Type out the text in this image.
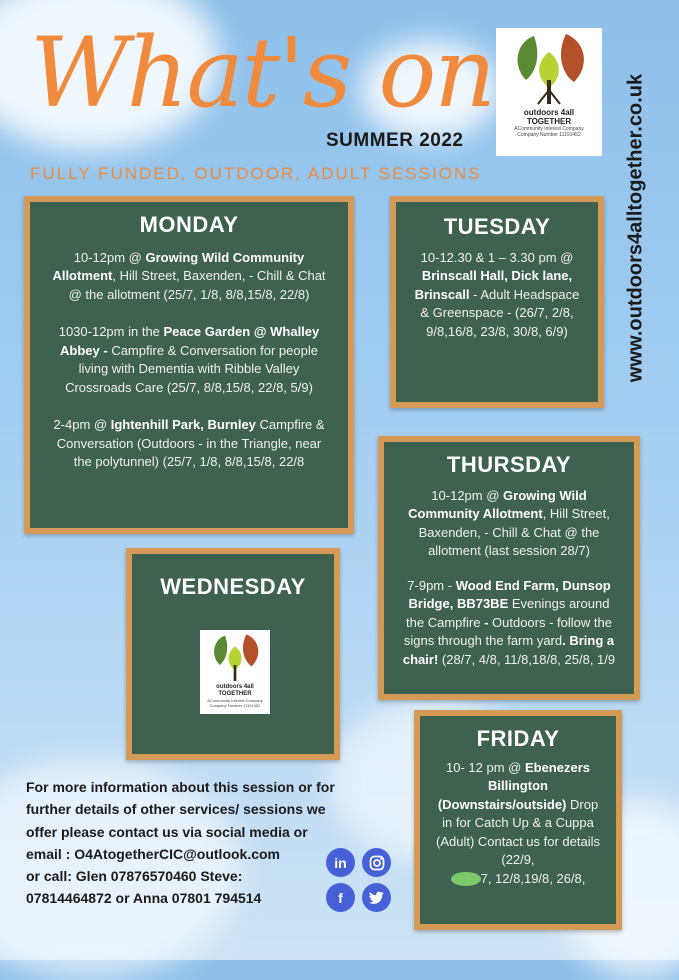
What's on
SUMMER 2022
FULLY FUNDED, OUTDOOR, ADULT SESSIONS
outdoors 4all
TOGETHER
ACommunity Interest Company
Company Number 11191452	www.outdoors4alltogether.co.uk
MONDAY

10-12pm @ Growing Wild Community Allotment, Hill Street, Baxenden, - Chill & Chat @ the allotment (25/7, 1/8, 8/8,15/8, 22/8)

1030-12pm in the Peace Garden @ Whalley Abbey - Campfire & Conversation for people living with Dementia with Ribble Valley Crossroads Care (25/7, 8/8,15/8, 22/8, 5/9)

2-4pm @ Ightenhill Park, Burnley Campfire & Conversation (Outdoors - in the Triangle, near the polytunnel) (25/7, 1/8, 8/8,15/8, 22/8

TUESDAY

10-12.30 & 1 – 3.30 pm @ Brinscall Hall, Dick lane, Brinscall - Adult Headspace & Greenspace - (26/7, 2/8, 9/8,16/8, 23/8, 30/8, 6/9)

THURSDAY

10-12pm @ Growing Wild Community Allotment, Hill Street, Baxenden, - Chill & Chat @ the allotment (last session 28/7)

7-9pm - Wood End Farm, Dunsop Bridge, BB73BE Evenings around the Campfire - Outdoors - follow the signs through the farm yard. Bring a chair! (28/7, 4/8, 11/8,18/8, 25/8, 1/9

WEDNESDAY
outdoors 4all
TOGETHER
ACommunity Interest Company
Company Number 11191452
FRIDAY

10- 12 pm @ Ebenezers Billington (Downstairs/outside) Drop in for Catch Up & a Cuppa (Adult) Contact us for details (22/9,
7, 12/8,19/8, 26/8,

For more information about this session or for
further details of other services/ sessions we
offer please contact us via social media or
email : O4AtogetherCIC@outlook.com
or call: Glen 07876570460 Steve:
07814464872 or Anna 07801 794514
in
f
